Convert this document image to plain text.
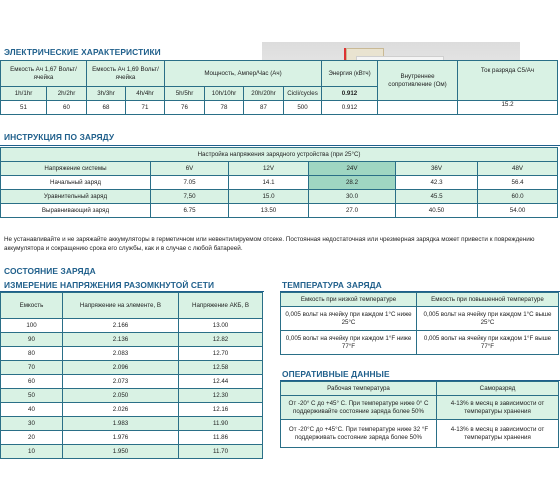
ЭЛЕКТРИЧЕСКИЕ ХАРАКТЕРИСТИКИ
Емкость Ач 1,67 Вольт/ячейка		Емкость Ач 1,69 Вольт/ячейка		Мощность, Ампер/Час (Ач)				Энергия (кВтч)	Внутреннее сопротивление (Ом)	Ток разряда C5/Ач
1h/1hr	2h/2hr	3h/3hr	4h/4hr	5h/5hr	10h/10hr	20h/20hr	Cicli/cycles	0.912		
51	60	68	71	76	78	87	500	0.912		15.2
ИНСТРУКЦИЯ ПО ЗАРЯДУ
Настройка напряжения зарядного устройства (при 25°C)					
Напряжение системы	6V	12V	24V	36V	48V
Начальный заряд	7.05	14.1	28.2	42.3	56.4
Уравнительный заряд	7,50	15.0	30.0	45.5	60.0
Выравнивающий заряд	6.75	13.50	27.0	40.50	54.00
Не устанавливайте и не заряжайте аккумуляторы в герметичном или невентилируемом отсеке. Постоянная недостаточная или чрезмерная зарядка может привести к повреждению аккумулятора и сокращению срока его службы, как и в случае с любой батареей.
СОСТОЯНИЕ ЗАРЯДА
ИЗМЕРЕНИЕ НАПРЯЖЕНИЯ РАЗОМКНУТОЙ СЕТИ
Емкость	Напряжение на элементе, В	Напряжение АКБ, В
100	2.166	13.00
90	2.136	12.82
80	2.083	12.70
70	2.096	12.58
60	2.073	12.44
50	2.050	12.30
40	2.026	12.16
30	1.983	11.90
20	1.976	11.86
10	1.950	11.70
ТЕМПЕРАТУРА ЗАРЯДА
Емкость при низкой температуре	Емкость при повышенной температуре
0,005 вольт на ячейку при каждом 1°C ниже 25°C	0,005 вольт на ячейку при каждом 1°C выше 25°C
0,005 вольт на ячейку при каждом 1°F ниже 77°F	0,005 вольт на ячейку при каждом 1°F выше 77°F
ОПЕРАТИВНЫЕ ДАННЫЕ
Рабочая температура	Саморазряд
От -20° С до +45° С. При температуре ниже 0° С поддерживайте состояние заряда более 50%	4-13% в месяц в зависимости от температуры хранения
От -20°С до +45°С. При температуре ниже 32 °F поддерживать состояние заряда более 50%	4-13% в месяц в зависимости от температуры хранения
